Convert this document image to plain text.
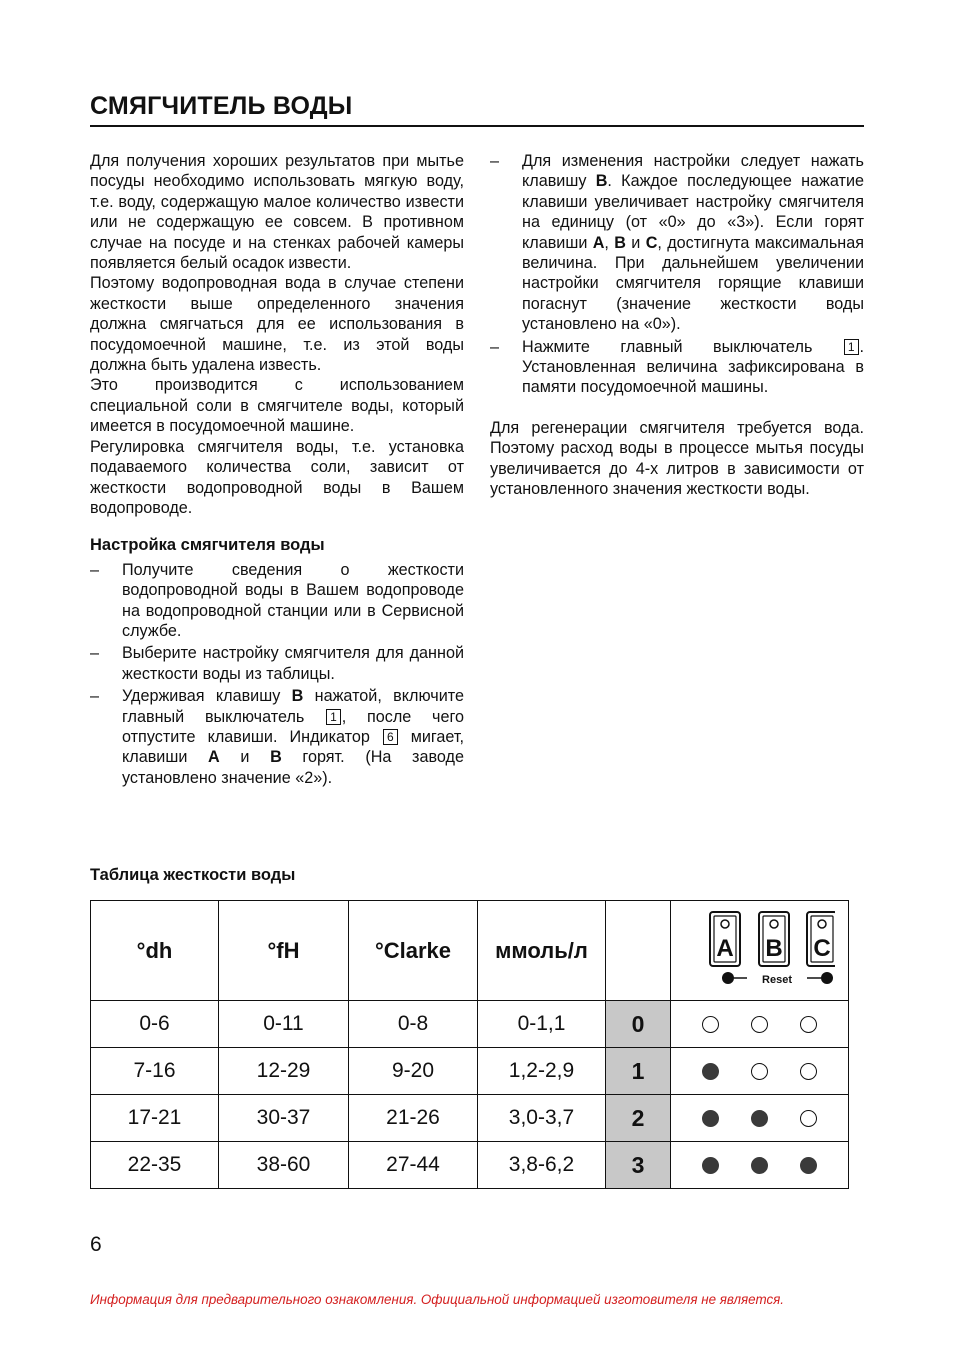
СМЯГЧИТЕЛЬ ВОДЫ

Для получения хороших результатов при мытье посуды необходимо использовать мягкую воду, т.е. воду, содержащую малое количество извести или не содержащую ее совсем. В противном случае на посуде и на стенках рабочей камеры появляется белый осадок извести.

Поэтому водопроводная вода в случае степени жесткости выше определенного значения должна смягчаться для ее использования в посудомоечной машине, т.е. из этой воды должна быть удалена известь.

Это производится с использованием специальной соли в смягчителе воды, который имеется в посудомоечной машине.

Регулировка смягчителя воды, т.е. установка подаваемого количества соли, зависит от жесткости водопроводной воды в Вашем водопроводе.

Настройка смягчителя воды
– Получите сведения о жесткости водопроводной воды в Вашем водопроводе на водопроводной станции или в Сервисной службе.
– Выберите настройку смягчителя для данной жесткости воды из таблицы.
– Удерживая клавишу B нажатой, включите главный выключатель 1 , после чего отпустите клавиши. Индикатор 6 мигает, клавиши A и B горят. (На заводе установлено значение «2»).
– Для изменения настройки следует нажать клавишу B. Каждое последующее нажатие клавиши увеличивает настройку смягчителя на единицу (от «0» до «3»). Если горят клавиши A, B и C, достигнута максимальная величина. При дальнейшем увеличении настройки смягчителя горящие клавиши погаснут (значение жесткости воды установлено на «0»).
– Нажмите главный выключатель 1 . Установленная величина зафиксирована в памяти посудомоечной машины.

Для регенерации смягчителя требуется вода. Поэтому расход воды в процессе мытья посуды увеличивается до 4-х литров в зависимости от установленного значения жесткости воды.

Таблица жесткости воды
°dh	°fH	°Clarke	ммоль/л		A B C
Reset

0-6	0-11	0-8	0-1,1	0	

7-16	12-29	9-20	1,2-2,9	1	

17-21	30-37	21-26	3,0-3,7	2	

22-35	38-60	27-44	3,8-6,2	3	
6
Информация для предварительного ознакомления. Официальной информацией изготовителя не является.
